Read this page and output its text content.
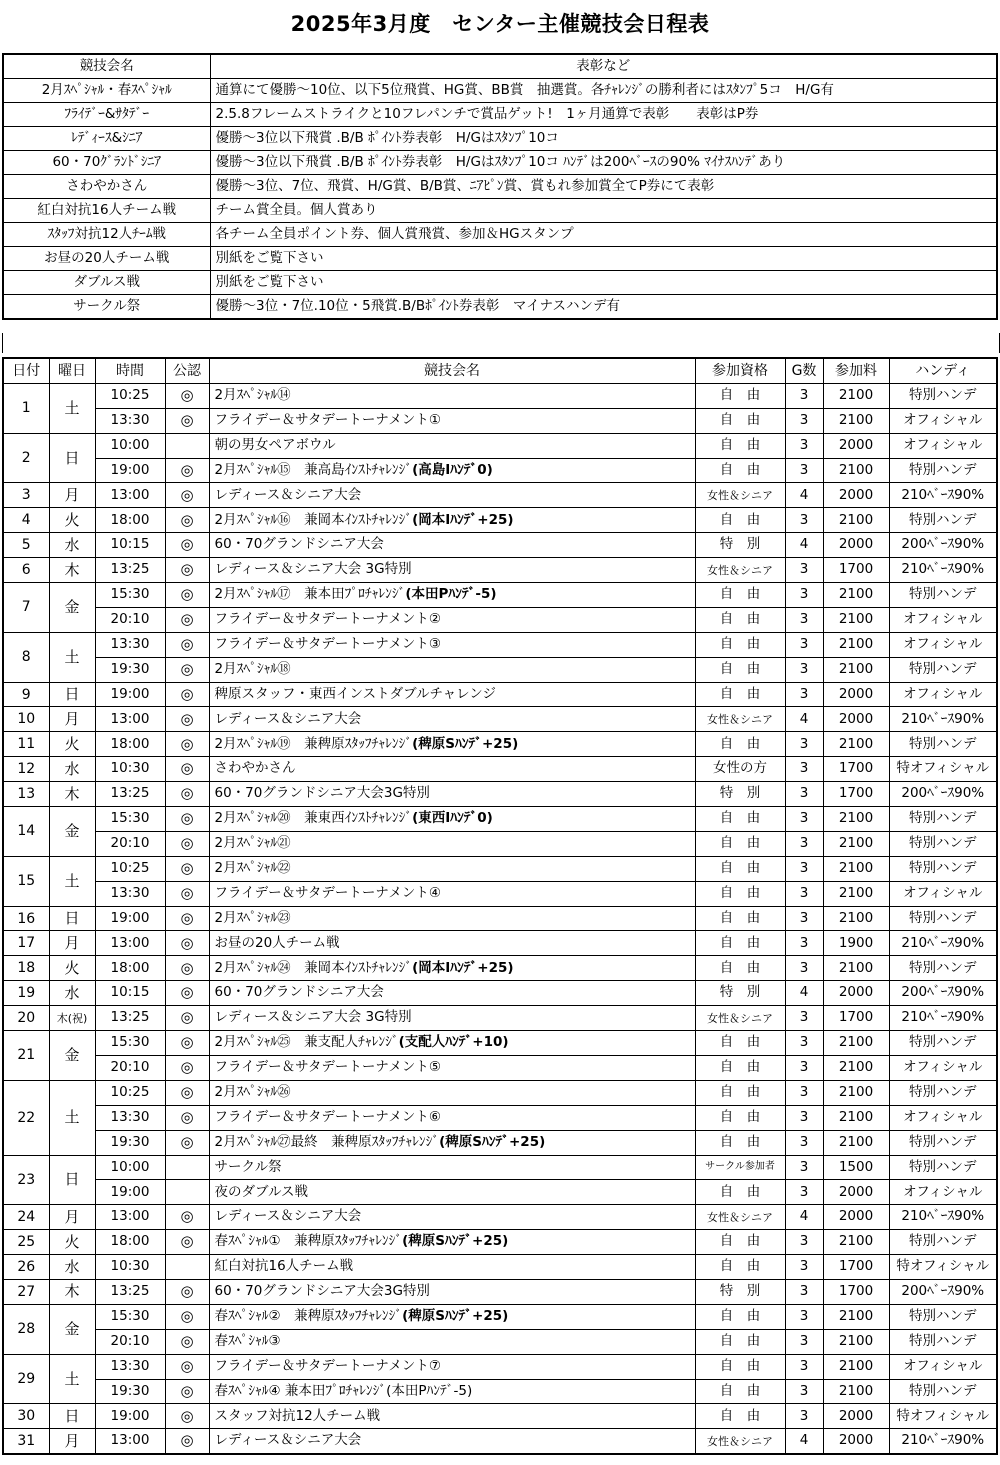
2025年3月度　センター主催競技会日程表
競技会名	表彰など
2月ｽﾍﾟｼｬﾙ・春ｽﾍﾟｼｬﾙ	通算にて優勝～10位、以下5位飛賞、HG賞、BB賞　抽選賞。各ﾁｬﾚﾝｼﾞの勝利者にはｽﾀﾝﾌﾟ5コ　H/G有
ﾌﾗｲﾃﾞｰ&ｻﾀﾃﾞｰ	2.5.8フレームストライクと10フレパンチで賞品ゲット!　1ヶ月通算で表彰　　表彰はP券
ﾚﾃﾞｨｰｽ&ｼﾆｱ	優勝～3位以下飛賞 .B/B ﾎﾟｲﾝﾄ券表彰　H/Gはｽﾀﾝﾌﾟ10コ
60・70ｸﾞﾗﾝﾄﾞｼﾆｱ	優勝～3位以下飛賞 .B/B ﾎﾟｲﾝﾄ券表彰　H/Gはｽﾀﾝﾌﾟ10コ ﾊﾝﾃﾞは200ﾍﾞｰｽの90% ﾏｲﾅｽﾊﾝﾃﾞあり
さわやかさん	優勝～3位、7位、飛賞、H/G賞、B/B賞、ﾆｱﾋﾟﾝ賞、賞もれ参加賞全てP券にて表彰
紅白対抗16人チーム戦	チーム賞全員。個人賞あり
ｽﾀｯﾌ対抗12人ﾁｰﾑ戦	各チーム全員ポイント券、個人賞飛賞、参加＆HGスタンプ
お昼の20人チーム戦	別紙をご覧下さい
ダブルス戦	別紙をご覧下さい
サークル祭	優勝～3位・7位.10位・5飛賞.B/Bﾎﾟｲﾝﾄ券表彰　マイナスハンデ有
日付	曜日	時間	公認	競技会名	参加資格	G数	参加料	ハンディ
1	土	10:25	◎	2月ｽﾍﾟｼｬﾙ⑭	自　由	3	2100	特別ハンデ
		13:30	◎	フライデー＆サタデートーナメント①	自　由	3	2100	オフィシャル
2	日	10:00		朝の男女ペアボウル	自　由	3	2000	オフィシャル
		19:00	◎	2月ｽﾍﾟｼｬﾙ⑮　兼高島ｲﾝｽﾄﾁｬﾚﾝｼﾞ(高島Iﾊﾝﾃﾞ0)	自　由	3	2100	特別ハンデ
3	月	13:00	◎	レディース＆シニア大会	女性＆シニア	4	2000	210ﾍﾞｰｽ90%
4	火	18:00	◎	2月ｽﾍﾟｼｬﾙ⑯　兼岡本ｲﾝｽﾄﾁｬﾚﾝｼﾞ(岡本Iﾊﾝﾃﾞ+25)	自　由	3	2100	特別ハンデ
5	水	10:15	◎	60・70グランドシニア大会	特　別	4	2000	200ﾍﾞｰｽ90%
6	木	13:25	◎	レディース＆シニア大会 3G特別	女性＆シニア	3	1700	210ﾍﾞｰｽ90%
7	金	15:30	◎	2月ｽﾍﾟｼｬﾙ⑰　兼本田ﾌﾟﾛﾁｬﾚﾝｼﾞ(本田Pﾊﾝﾃﾞ-5)	自　由	3	2100	特別ハンデ
		20:10	◎	フライデー＆サタデートーナメント②	自　由	3	2100	オフィシャル
8	土	13:30	◎	フライデー＆サタデートーナメント③	自　由	3	2100	オフィシャル
		19:30	◎	2月ｽﾍﾟｼｬﾙ⑱	自　由	3	2100	特別ハンデ
9	日	19:00	◎	稗原スタッフ・東西インストダブルチャレンジ	自　由	3	2000	オフィシャル
10	月	13:00	◎	レディース＆シニア大会	女性＆シニア	4	2000	210ﾍﾞｰｽ90%
11	火	18:00	◎	2月ｽﾍﾟｼｬﾙ⑲　兼稗原ｽﾀｯﾌﾁｬﾚﾝｼﾞ(稗原Sﾊﾝﾃﾞ+25)	自　由	3	2100	特別ハンデ
12	水	10:30	◎	さわやかさん	女性の方	3	1700	特オフィシャル
13	木	13:25	◎	60・70グランドシニア大会3G特別	特　別	3	1700	200ﾍﾞｰｽ90%
14	金	15:30	◎	2月ｽﾍﾟｼｬﾙ⑳　兼東西ｲﾝｽﾄﾁｬﾚﾝｼﾞ(東西Iﾊﾝﾃﾞ0)	自　由	3	2100	特別ハンデ
		20:10	◎	2月ｽﾍﾟｼｬﾙ㉑	自　由	3	2100	特別ハンデ
15	土	10:25	◎	2月ｽﾍﾟｼｬﾙ㉒	自　由	3	2100	特別ハンデ
		13:30	◎	フライデー＆サタデートーナメント④	自　由	3	2100	オフィシャル
16	日	19:00	◎	2月ｽﾍﾟｼｬﾙ㉓	自　由	3	2100	特別ハンデ
17	月	13:00	◎	お昼の20人チーム戦	自　由	3	1900	210ﾍﾞｰｽ90%
18	火	18:00	◎	2月ｽﾍﾟｼｬﾙ㉔　兼岡本ｲﾝｽﾄﾁｬﾚﾝｼﾞ(岡本Iﾊﾝﾃﾞ+25)	自　由	3	2100	特別ハンデ
19	水	10:15	◎	60・70グランドシニア大会	特　別	4	2000	200ﾍﾞｰｽ90%
20	木(祝)	13:25	◎	レディース＆シニア大会 3G特別	女性＆シニア	3	1700	210ﾍﾞｰｽ90%
21	金	15:30	◎	2月ｽﾍﾟｼｬﾙ㉕　兼支配人ﾁｬﾚﾝｼﾞ(支配人ﾊﾝﾃﾞ+10)	自　由	3	2100	特別ハンデ
		20:10	◎	フライデー＆サタデートーナメント⑤	自　由	3	2100	オフィシャル
22	土	10:25	◎	2月ｽﾍﾟｼｬﾙ㉖	自　由	3	2100	特別ハンデ
		13:30	◎	フライデー＆サタデートーナメント⑥	自　由	3	2100	オフィシャル
		19:30	◎	2月ｽﾍﾟｼｬﾙ㉗最終　兼稗原ｽﾀｯﾌﾁｬﾚﾝｼﾞ(稗原Sﾊﾝﾃﾞ+25)	自　由	3	2100	特別ハンデ
23	日	10:00		サークル祭	サークル参加者	3	1500	特別ハンデ
		19:00		夜のダブルス戦	自　由	3	2000	オフィシャル
24	月	13:00	◎	レディース＆シニア大会	女性＆シニア	4	2000	210ﾍﾞｰｽ90%
25	火	18:00	◎	春ｽﾍﾟｼｬﾙ①　兼稗原ｽﾀｯﾌﾁｬﾚﾝｼﾞ(稗原Sﾊﾝﾃﾞ+25)	自　由	3	2100	特別ハンデ
26	水	10:30		紅白対抗16人チーム戦	自　由	3	1700	特オフィシャル
27	木	13:25	◎	60・70グランドシニア大会3G特別	特　別	3	1700	200ﾍﾞｰｽ90%
28	金	15:30	◎	春ｽﾍﾟｼｬﾙ②　兼稗原ｽﾀｯﾌﾁｬﾚﾝｼﾞ(稗原Sﾊﾝﾃﾞ+25)	自　由	3	2100	特別ハンデ
		20:10	◎	春ｽﾍﾟｼｬﾙ③	自　由	3	2100	特別ハンデ
29	土	13:30	◎	フライデー＆サタデートーナメント⑦	自　由	3	2100	オフィシャル
		19:30	◎	春ｽﾍﾟｼｬﾙ④ 兼本田ﾌﾟﾛﾁｬﾚﾝｼﾞ(本田Pﾊﾝﾃﾞ-5)	自　由	3	2100	特別ハンデ
30	日	19:00	◎	スタッフ対抗12人チーム戦	自　由	3	2000	特オフィシャル
31	月	13:00	◎	レディース＆シニア大会	女性＆シニア	4	2000	210ﾍﾞｰｽ90%
